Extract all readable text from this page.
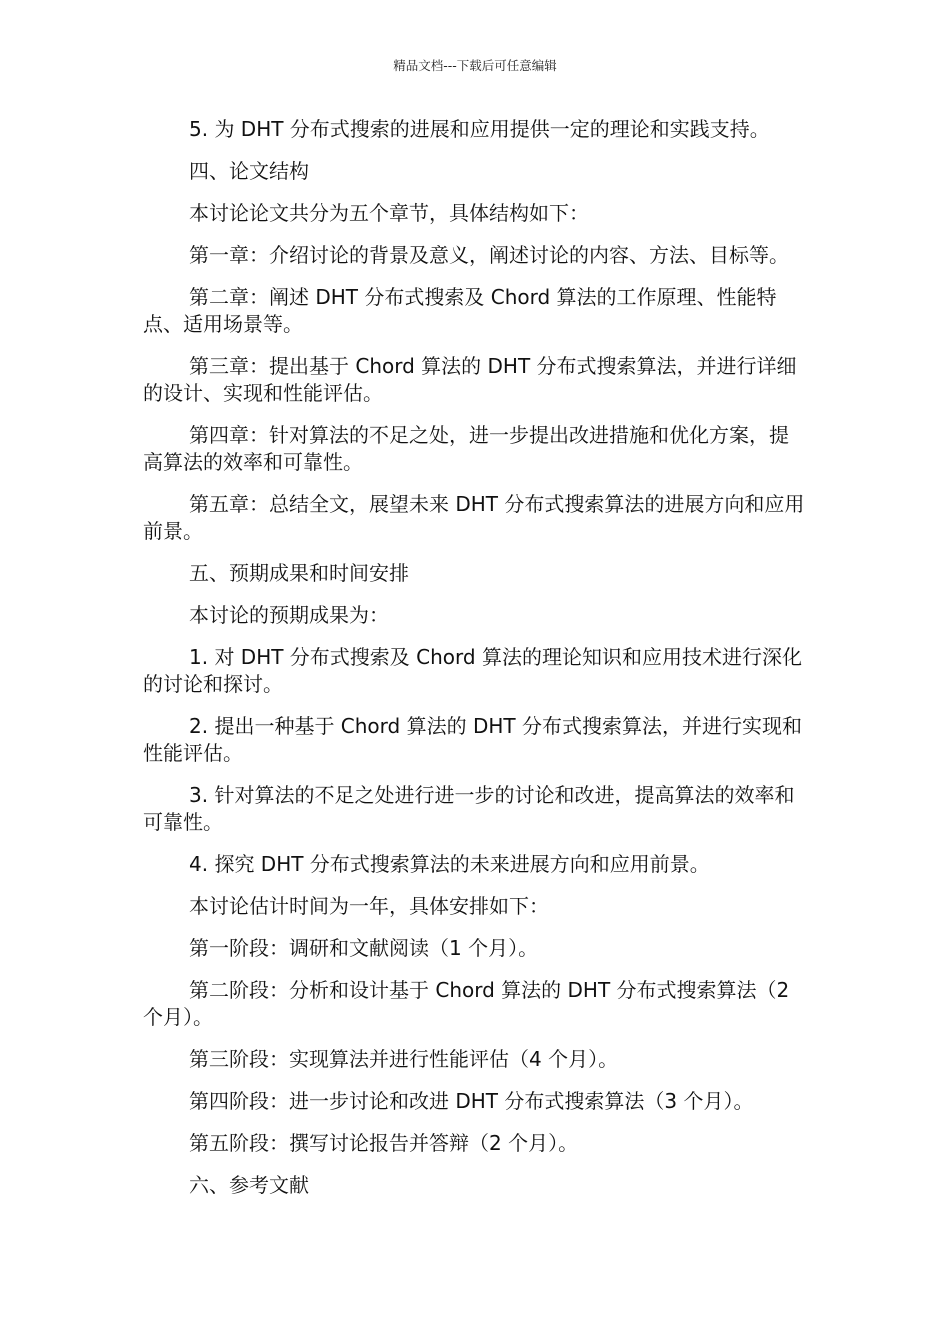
精品文档---下载后可任意编辑

5. 为 DHT 分布式搜索的进展和应用提供一定的理论和实践支持。

四、论文结构

本讨论论文共分为五个章节，具体结构如下：

第一章：介绍讨论的背景及意义，阐述讨论的内容、方法、目标等。

第二章：阐述 DHT 分布式搜索及 Chord 算法的工作原理、性能特点、适用场景等。

第三章：提出基于 Chord 算法的 DHT 分布式搜索算法，并进行详细的设计、实现和性能评估。

第四章：针对算法的不足之处，进一步提出改进措施和优化方案，提高算法的效率和可靠性。

第五章：总结全文，展望未来 DHT 分布式搜索算法的进展方向和应用前景。

五、预期成果和时间安排

本讨论的预期成果为：

1. 对 DHT 分布式搜索及 Chord 算法的理论知识和应用技术进行深化的讨论和探讨。

2. 提出一种基于 Chord 算法的 DHT 分布式搜索算法，并进行实现和性能评估。

3. 针对算法的不足之处进行进一步的讨论和改进，提高算法的效率和可靠性。

4. 探究 DHT 分布式搜索算法的未来进展方向和应用前景。

本讨论估计时间为一年，具体安排如下：

第一阶段：调研和文献阅读（1 个月）。

第二阶段：分析和设计基于 Chord 算法的 DHT 分布式搜索算法（2 个月）。

第三阶段：实现算法并进行性能评估（4 个月）。

第四阶段：进一步讨论和改进 DHT 分布式搜索算法（3 个月）。

第五阶段：撰写讨论报告并答辩（2 个月）。

六、参考文献
